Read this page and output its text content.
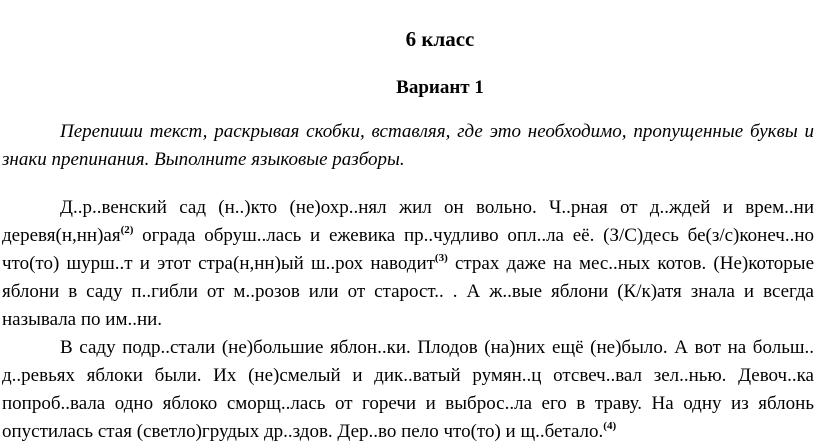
6 класс
Вариант 1
Перепиши текст, раскрывая скобки, вставляя, где это необходимо, пропущенные буквы и знаки препинания. Выполните языковые разборы.

Д..р..венский сад (н..)кто (не)охр..нял жил он вольно. Ч..рная от д..ждей и врем..ни $деревя(н,нн)ая^{(2)}$ ограда обруш..лась и ежевика пр..чудливо опл..ла её. (З/С)десь бе(з/с)конеч..но что(то) шурш..т и этот стра(н,нн)ый ш..рох наводит$^{(3)}$ страх даже на мес..ных котов. (Не)которые яблони в саду п..гибли от м..розов или от старост.. . А ж..вые яблони (К/к)атя знала и всегда называла по им..ни.

В саду подр..стали (не)большие яблон..ки. Плодов (на)них ещё (не)было. А вот на больш.. д..ревьях яблоки были. Их (не)смелый и дик..ватый румян..ц отсвеч..вал зел..нью. Девоч..ка попроб..вала одно яблоко сморщ..лась от горечи и выброс..ла его в траву. На одну из яблонь опустилась стая (светло)грудых др..здов. Дер..во пело что(то) и щ..бетало.$^{(4)}$
